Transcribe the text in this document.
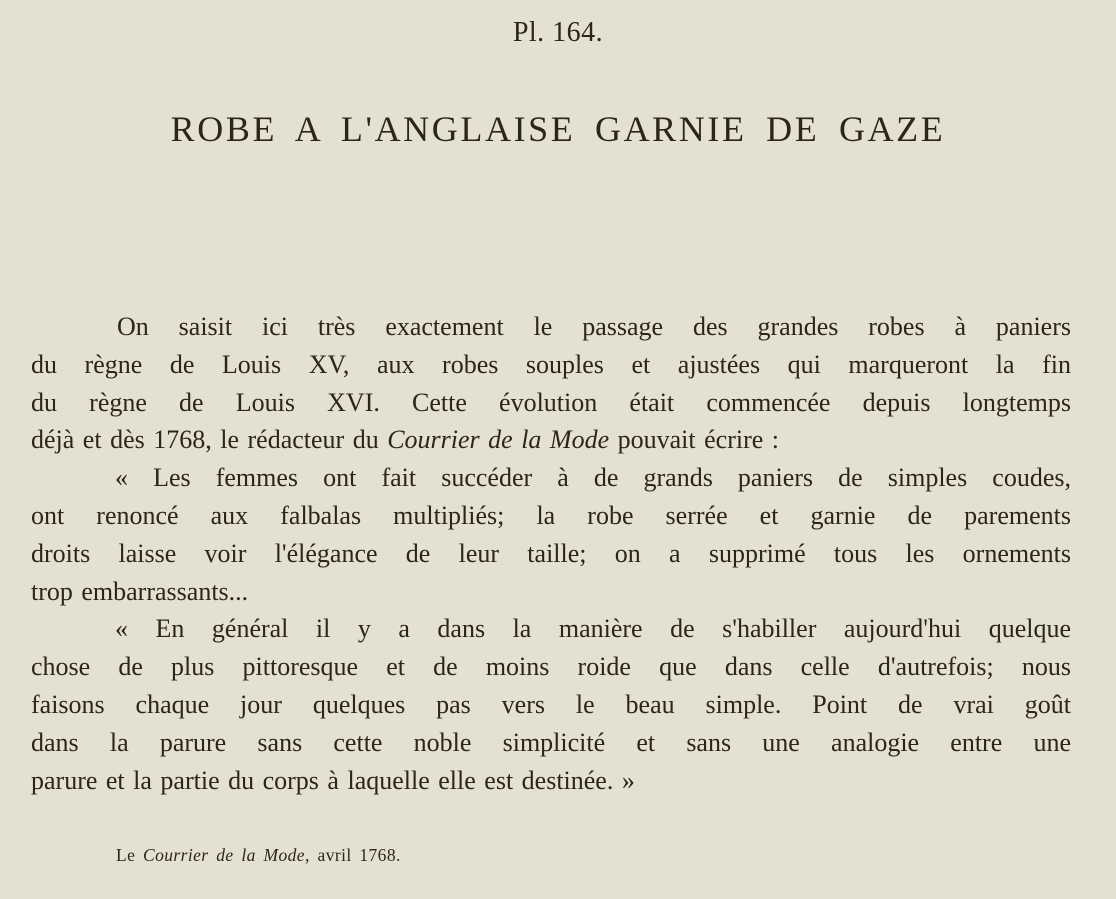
Pl. 164.
ROBE A L'ANGLAISE GARNIE DE GAZE
On saisit ici très exactement le passage des grandes robes à paniers
du règne de Louis XV, aux robes souples et ajustées qui marqueront la fin
du règne de Louis XVI. Cette évolution était commencée depuis longtemps
déjà et dès 1768, le rédacteur du Courrier de la Mode pouvait écrire :
« Les femmes ont fait succéder à de grands paniers de simples coudes,
ont renoncé aux falbalas multipliés; la robe serrée et garnie de parements
droits laisse voir l'élégance de leur taille; on a supprimé tous les ornements
trop embarrassants...
« En général il y a dans la manière de s'habiller aujourd'hui quelque
chose de plus pittoresque et de moins roide que dans celle d'autrefois; nous
faisons chaque jour quelques pas vers le beau simple. Point de vrai goût
dans la parure sans cette noble simplicité et sans une analogie entre une
parure et la partie du corps à laquelle elle est destinée. »
Le Courrier de la Mode, avril 1768.
